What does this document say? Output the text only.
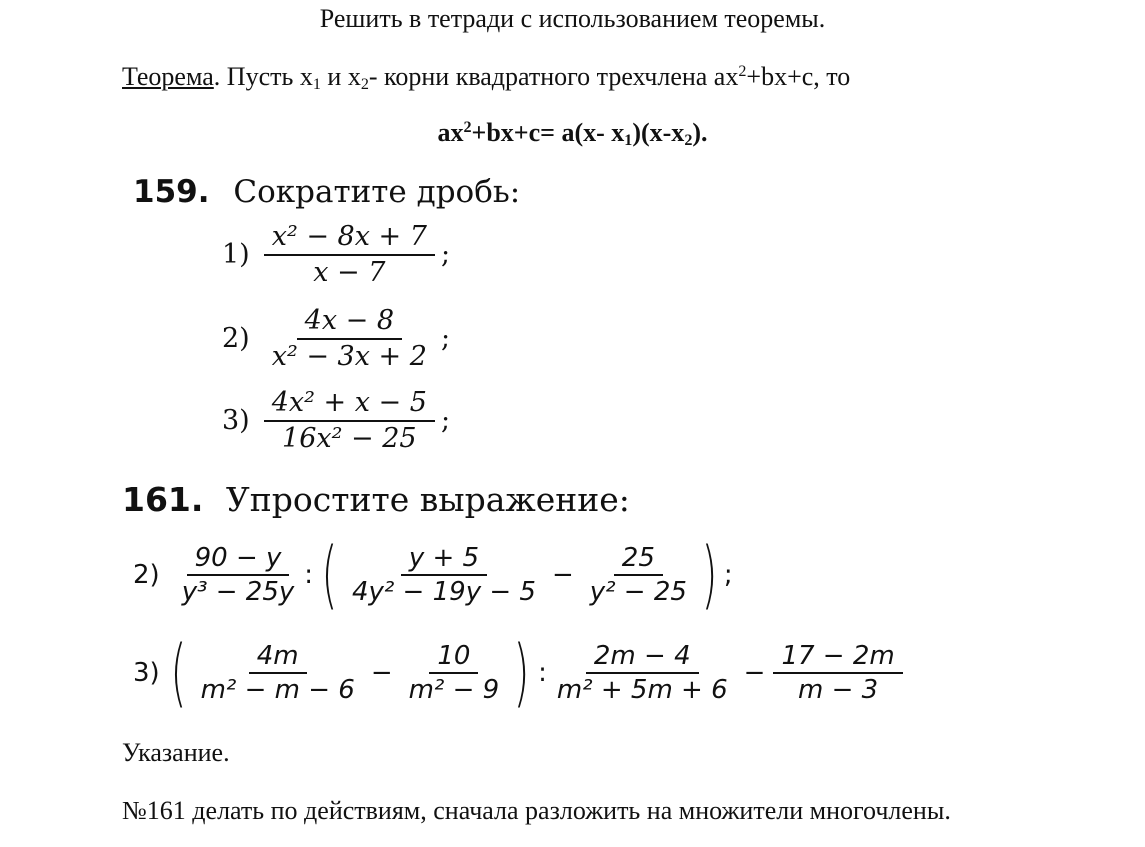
Решить в тетради с использованием теоремы.
Теорема. Пусть $х_1$ и $х_2-$ корни квадратного трехчлена $ах^2+bx+c$, то
$ax^2+bx+c= a(x-$ $x_1)(x-x_2)$.
159. Сократите дробь:
$1) \frac{\text{x² − 8x + 7}}{x - 7}$ ;
$2) \frac{4x - 8}{\text{x² − 3x + 2}}$ ;
$3) \frac{\text{4x² + x − 5}}{\text{16x² − 25}}$ ;
161. Упростите выражение:
$2) \frac{90 - y}{\text{y³ − 25y}}$ : ( $\frac{y + 5}{\text{4y² − 19y − 5}} - \frac{25}{\text{y² − 25}}$ ) ;
3) ( $\frac{4m}{\text{m² − m − 6}} - \frac{10}{\text{m² − 9}}$ ) : $\frac{2m - 4}{\text{m² + 5m + 6}} - \frac{17 - 2m}{m - 3}$
Указание.
№161 делать по действиям, сначала разложить на множители многочлены.
